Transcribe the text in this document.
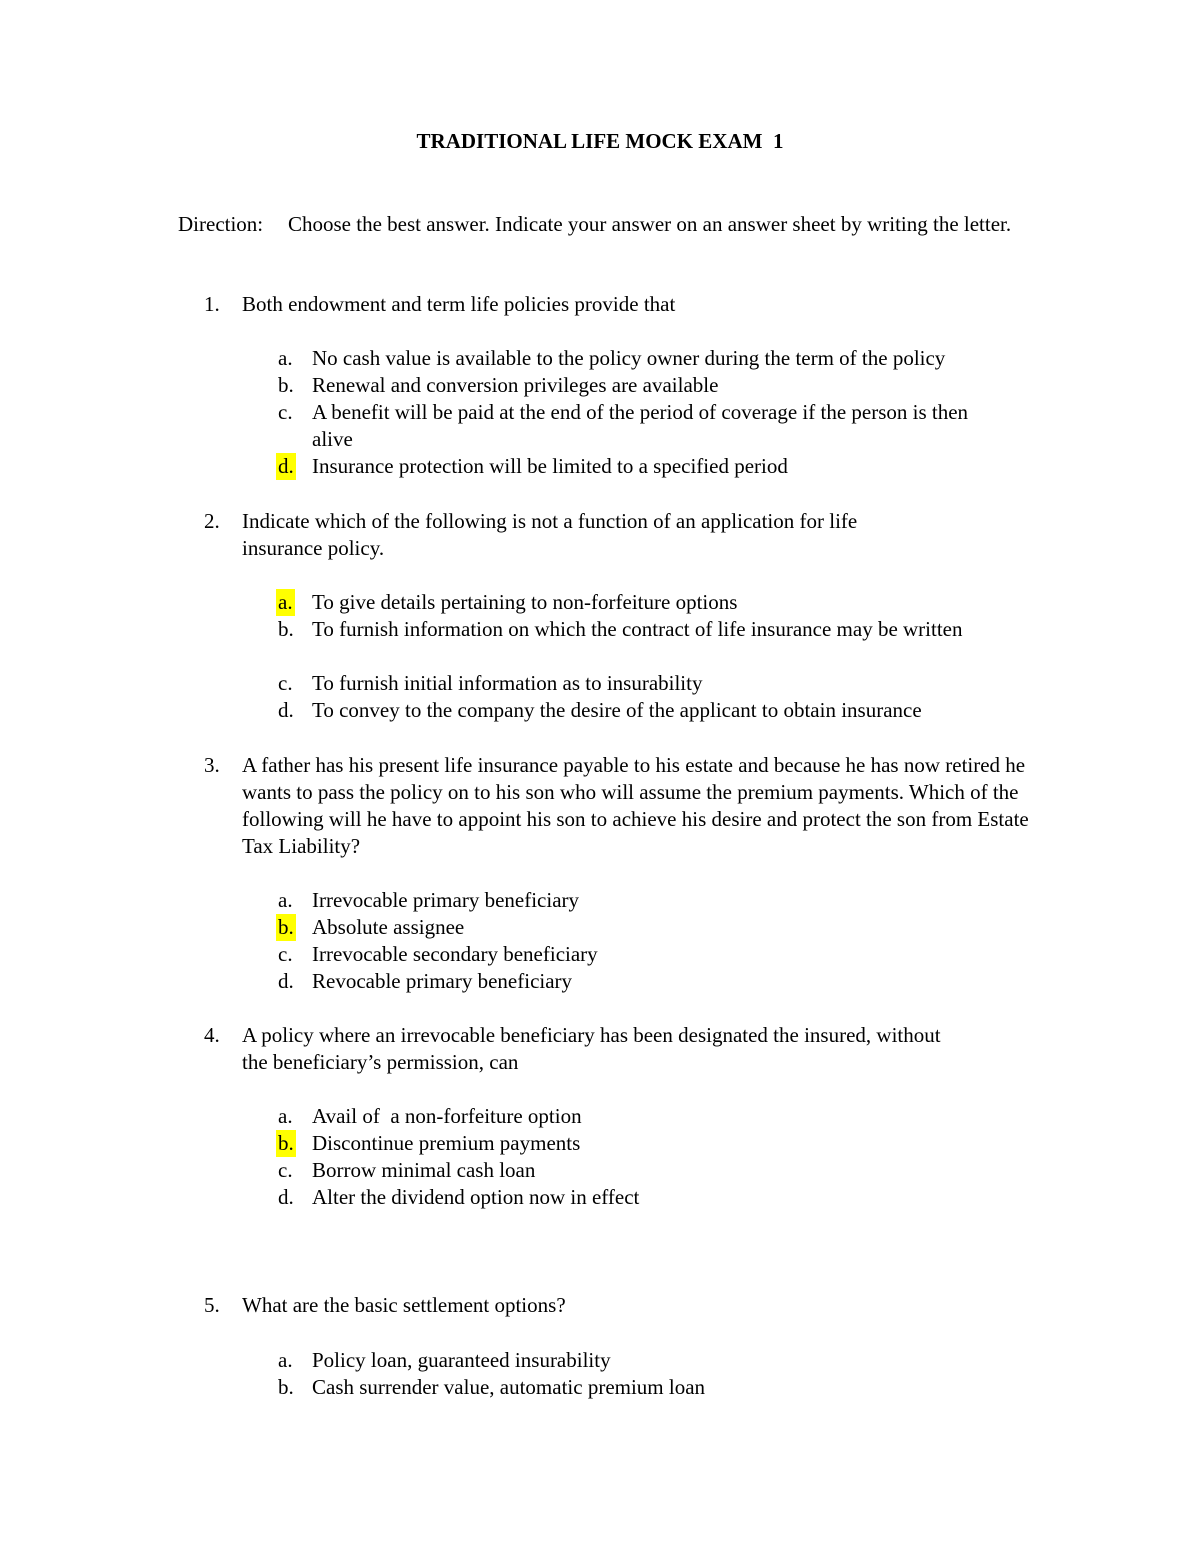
TRADITIONAL LIFE MOCK EXAM  1
Direction: Choose the best answer. Indicate your answer on an answer sheet by writing the letter.
1. Both endowment and term life policies provide that
a. No cash value is available to the policy owner during the term of the policy
b. Renewal and conversion privileges are available
c. A benefit will be paid at the end of the period of coverage if the person is then alive
d. Insurance protection will be limited to a specified period
2. Indicate which of the following is not a function of an application for life insurance policy.
a. To give details pertaining to non-forfeiture options
b. To furnish information on which the contract of life insurance may be written
c. To furnish initial information as to insurability
d. To convey to the company the desire of the applicant to obtain insurance
3. A father has his present life insurance payable to his estate and because he has now retired he wants to pass the policy on to his son who will assume the premium payments. Which of the following will he have to appoint his son to achieve his desire and protect the son from Estate Tax Liability?
a. Irrevocable primary beneficiary
b. Absolute assignee
c. Irrevocable secondary beneficiary
d. Revocable primary beneficiary
4. A policy where an irrevocable beneficiary has been designated the insured, without the beneficiary’s permission, can
a. Avail of  a non-forfeiture option
b. Discontinue premium payments
c. Borrow minimal cash loan
d. Alter the dividend option now in effect
5. What are the basic settlement options?
a. Policy loan, guaranteed insurability
b. Cash surrender value, automatic premium loan
